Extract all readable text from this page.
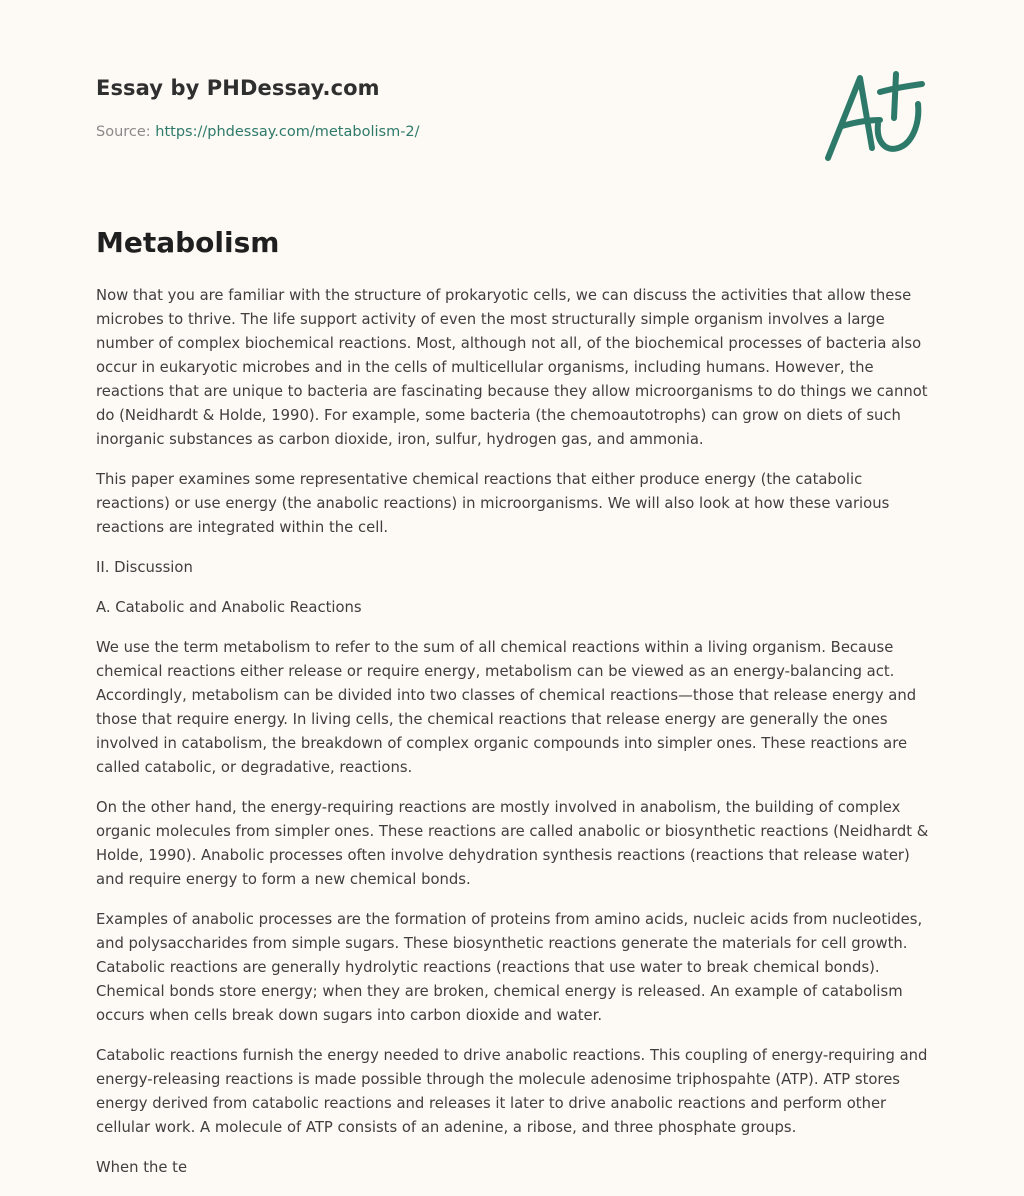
Essay by PHDessay.com
Source: https://phdessay.com/metabolism-2/
Metabolism

Now that you are familiar with the structure of prokaryotic cells, we can discuss the activities that allow these microbes to thrive. The life support activity of even the most structurally simple organism involves a large number of complex biochemical reactions. Most, although not all, of the biochemical processes of bacteria also occur in eukaryotic microbes and in the cells of multicellular organisms, including humans. However, the reactions that are unique to bacteria are fascinating because they allow microorganisms to do things we cannot do (Neidhardt & Holde, 1990). For example, some bacteria (the chemoautotrophs) can grow on diets of such inorganic substances as carbon dioxide, iron, sulfur, hydrogen gas, and ammonia.

This paper examines some representative chemical reactions that either produce energy (the catabolic reactions) or use energy (the anabolic reactions) in microorganisms. We will also look at how these various reactions are integrated within the cell.

II. Discussion

A. Catabolic and Anabolic Reactions

We use the term metabolism to refer to the sum of all chemical reactions within a living organism. Because chemical reactions either release or require energy, metabolism can be viewed as an energy-balancing act. Accordingly, metabolism can be divided into two classes of chemical reactions—those that release energy and those that require energy. In living cells, the chemical reactions that release energy are generally the ones involved in catabolism, the breakdown of complex organic compounds into simpler ones. These reactions are called catabolic, or degradative, reactions.

On the other hand, the energy-requiring reactions are mostly involved in anabolism, the building of complex organic molecules from simpler ones. These reactions are called anabolic or biosynthetic reactions (Neidhardt & Holde, 1990). Anabolic processes often involve dehydration synthesis reactions (reactions that release water) and require energy to form a new chemical bonds.

Examples of anabolic processes are the formation of proteins from amino acids, nucleic acids from nucleotides, and polysaccharides from simple sugars. These biosynthetic reactions generate the materials for cell growth. Catabolic reactions are generally hydrolytic reactions (reactions that use water to break chemical bonds). Chemical bonds store energy; when they are broken, chemical energy is released. An example of catabolism occurs when cells break down sugars into carbon dioxide and water.

Catabolic reactions furnish the energy needed to drive anabolic reactions. This coupling of energy-requiring and energy-releasing reactions is made possible through the molecule adenosime triphospahte (ATP). ATP stores energy derived from catabolic reactions and releases it later to drive anabolic reactions and perform other cellular work. A molecule of ATP consists of an adenine, a ribose, and three phosphate groups.

When the te
